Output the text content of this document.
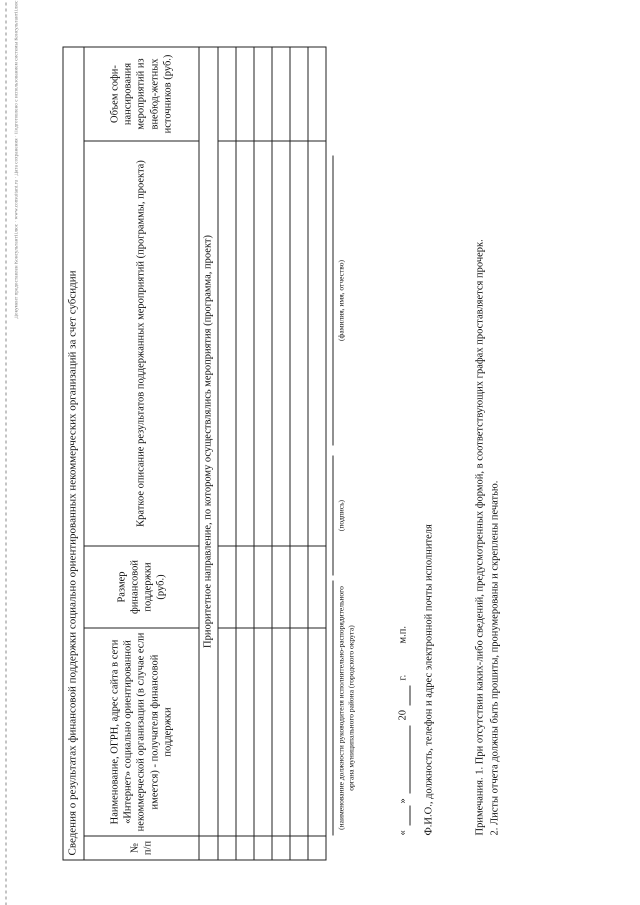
Документ предоставлен КонсультантПлюс · www.consultant.ru · Дата сохранения · Подготовлено с использованием системы КонсультантПлюс
Сведения о результатах финансовой поддержки социально ориентированных некоммерческих организаций за счет субсидии				
№ п/п	Наименование, ОГРН, адрес сайта в сети «Интернет» социально ориентированной некоммерческой организации (в случае если имеется) - получателя финансовой поддержки	Размер финансовой поддержки (руб.)	Краткое описание результатов поддержанных мероприятий (программы, проекта)	Объем софи-нансирования мероприятий из внебюд-жетных источников (руб.)
	Приоритетное направление, по которому осуществлялись мероприятия (программа, проект)			

(наименование должности руководителя исполнительно-распорядительного органа муниципального района (городского округа)
(подпись)
(фамилия, имя, отчество)
«
»
20
г.
м.п. Ф.И.О., должность, телефон и адрес электронной почты исполнителя	Примечания. 1. При отсутствии каких-либо сведений, предусмотренных формой, в соответствующих графах проставляется прочерк. 2. Листы отчета должны быть прошиты, пронумерованы и скреплены печатью.
